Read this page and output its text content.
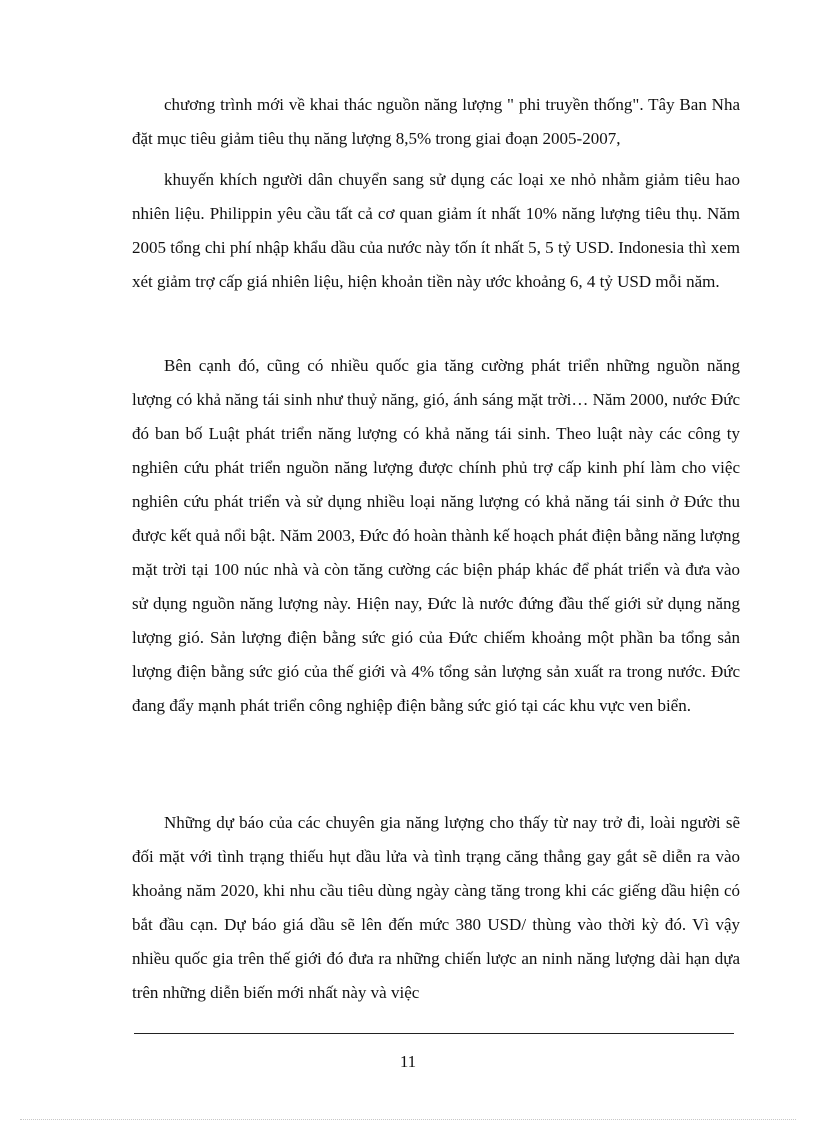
chương trình mới về khai thác nguồn năng lượng " phi truyền thống". Tây Ban Nha đặt mục tiêu giảm tiêu thụ năng lượng 8,5% trong giai đoạn 2005-2007,

khuyến khích người dân chuyển sang sử dụng các loại xe nhỏ nhằm giảm tiêu hao nhiên liệu. Philippin yêu cầu tất cả cơ quan giảm ít nhất 10% năng lượng tiêu thụ. Năm 2005 tổng chi phí nhập khẩu dầu của nước này tốn ít nhất 5, 5 tỷ USD. Indonesia thì xem xét giảm trợ cấp giá nhiên liệu, hiện khoản tiền này ước khoảng 6, 4 tỷ USD mỗi năm.

Bên cạnh đó, cũng có nhiều quốc gia tăng cường phát triển những nguồn năng lượng có khả năng tái sinh như thuỷ năng, gió, ánh sáng mặt trời… Năm 2000, nước Đức đó ban bố Luật phát triển năng lượng có khả năng tái sinh. Theo luật này các công ty nghiên cứu phát triển nguồn năng lượng được chính phủ trợ cấp kinh phí làm cho việc nghiên cứu phát triển và sử dụng nhiều loại năng lượng có khả năng tái sinh ở Đức thu được kết quả nổi bật. Năm 2003, Đức đó hoàn thành kế hoạch phát điện bằng năng lượng mặt trời tại 100 núc nhà và còn tăng cường các biện pháp khác để phát triển và đưa vào sử dụng nguồn năng lượng này. Hiện nay, Đức là nước đứng đầu thế giới sử dụng năng lượng gió. Sản lượng điện bằng sức gió của Đức chiếm khoảng một phần ba tổng sản lượng điện bằng sức gió của thế giới và 4% tổng sản lượng sản xuất ra trong nước. Đức đang đẩy mạnh phát triển công nghiệp điện bằng sức gió tại các khu vực ven biển.

Những dự báo của các chuyên gia năng lượng cho thấy từ nay trở đi, loài người sẽ đối mặt với tình trạng thiếu hụt dầu lửa và tình trạng căng thẳng gay gắt sẽ diễn ra vào khoảng năm 2020, khi nhu cầu tiêu dùng ngày càng tăng trong khi các giếng dầu hiện có bắt đầu cạn. Dự báo giá dầu sẽ lên đến mức 380 USD/ thùng vào thời kỳ đó. Vì vậy nhiều quốc gia trên thế giới đó đưa ra những chiến lược an ninh năng lượng dài hạn dựa trên những diễn biến mới nhất này và việc

11
